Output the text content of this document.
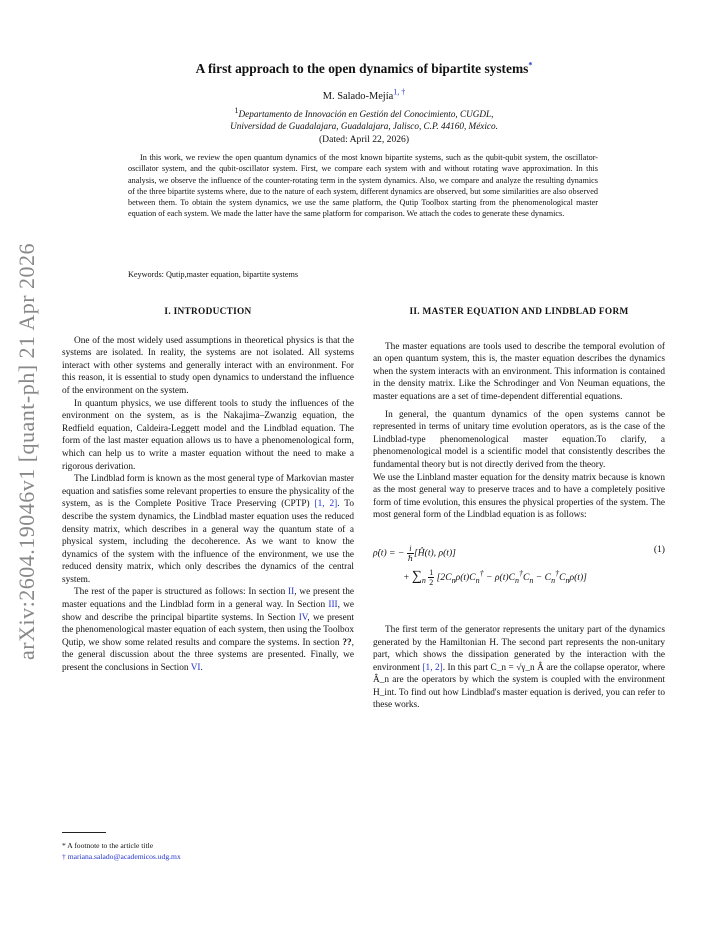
arXiv:2604.19046v1 [quant-ph] 21 Apr 2026
A first approach to the open dynamics of bipartite systems*
M. Salado-Mejía$^{1, \dagger}$
1Departamento de Innovación en Gestión del Conocimiento, CUGDL,
Universidad de Guadalajara, Guadalajara, Jalisco, C.P. 44160, México.
(Dated: April 22, 2026)
In this work, we review the open quantum dynamics of the most known bipartite systems, such as the qubit-qubit system, the oscillator-oscillator system, and the qubit-oscillator system. First, we compare each system with and without rotating wave approximation. In this analysis, we observe the influence of the counter-rotating term in the system dynamics. Also, we compare and analyze the resulting dynamics of the three bipartite systems where, due to the nature of each system, different dynamics are observed, but some similarities are also observed between them. To obtain the system dynamics, we use the same platform, the Qutip Toolbox starting from the phenomenological master equation of each system. We made the latter have the same platform for comparison. We attach the codes to generate these dynamics.
Keywords: Qutip,master equation, bipartite systems
I. INTRODUCTION

One of the most widely used assumptions in theoretical physics is that the systems are isolated. In reality, the systems are not isolated. All systems interact with other systems and generally interact with an environment. For this reason, it is essential to study open dynamics to understand the influence of the environment on the system.

In quantum physics, we use different tools to study the influences of the environment on the system, as is the Nakajima–Zwanzig equation, the Redfield equation, Caldeira-Leggett model and the Lindblad equation. The form of the last master equation allows us to have a phenomenological form, which can help us to write a master equation without the need to make a rigorous derivation.

The Lindblad form is known as the most general type of Markovian master equation and satisfies some relevant properties to ensure the physicality of the system, as is the Complete Positive Trace Preserving (CPTP) [1, 2]. To describe the system dynamics, the Lindblad master equation uses the reduced density matrix, which describes in a general way the quantum state of a physical system, including the decoherence. As we want to know the dynamics of the system with the influence of the environment, we use the reduced density matrix, which only describes the dynamics of the central system.

The rest of the paper is structured as follows: In section II, we present the master equations and the Lindblad form in a general way. In Section III, we show and describe the principal bipartite systems. In Section IV, we present the phenomenological master equation of each system, then using the Toolbox Qutip, we show some related results and compare the systems. In section ??, the general discussion about the three systems are presented. Finally, we present the conclusions in Section VI.

II. MASTER EQUATION AND LINDBLAD FORM

The master equations are tools used to describe the temporal evolution of an open quantum system, this is, the master equation describes the dynamics when the system interacts with an environment. This information is contained in the density matrix. Like the Schrodinger and Von Neuman equations, the master equations are a set of time-dependent differential equations.

In general, the quantum dynamics of the open systems cannot be represented in terms of unitary time evolution operators, as is the case of the Lindblad-type phenomenological master equation.To clarify, a phenomenological model is a scientific model that consistently describes the fundamental theory but is not directly derived from the theory.

We use the Linbland master equation for the density matrix because is known as the most general way to preserve traces and to have a completely positive form of time evolution, this ensures the physical properties of the system. The most general form of the Lindblad equation is as follows:

ρ̇(t) = − i
ℏ[Ĥ(t), ρ(t)]	(1)
+ $\sum_n$ 1
2 $[2C_n\rho(t)C_n^\dagger - \rho(t)C_n^\dagger C_n - C_n^\dagger C_n\rho(t)]$

The first term of the generator represents the unitary part of the dynamics generated by the Hamiltonian H. The second part represents the non-unitary part, which shows the dissipation generated by the interaction with the environment [1, 2]. In this part C_n = √γ_n Â are the collapse operator, where Â_n are the operators by which the system is coupled with the environment H_int. To find out how Lindblad's master equation is derived, you can refer to these works.

* A footnote to the article title
† mariana.salado@academicos.udg.mx
